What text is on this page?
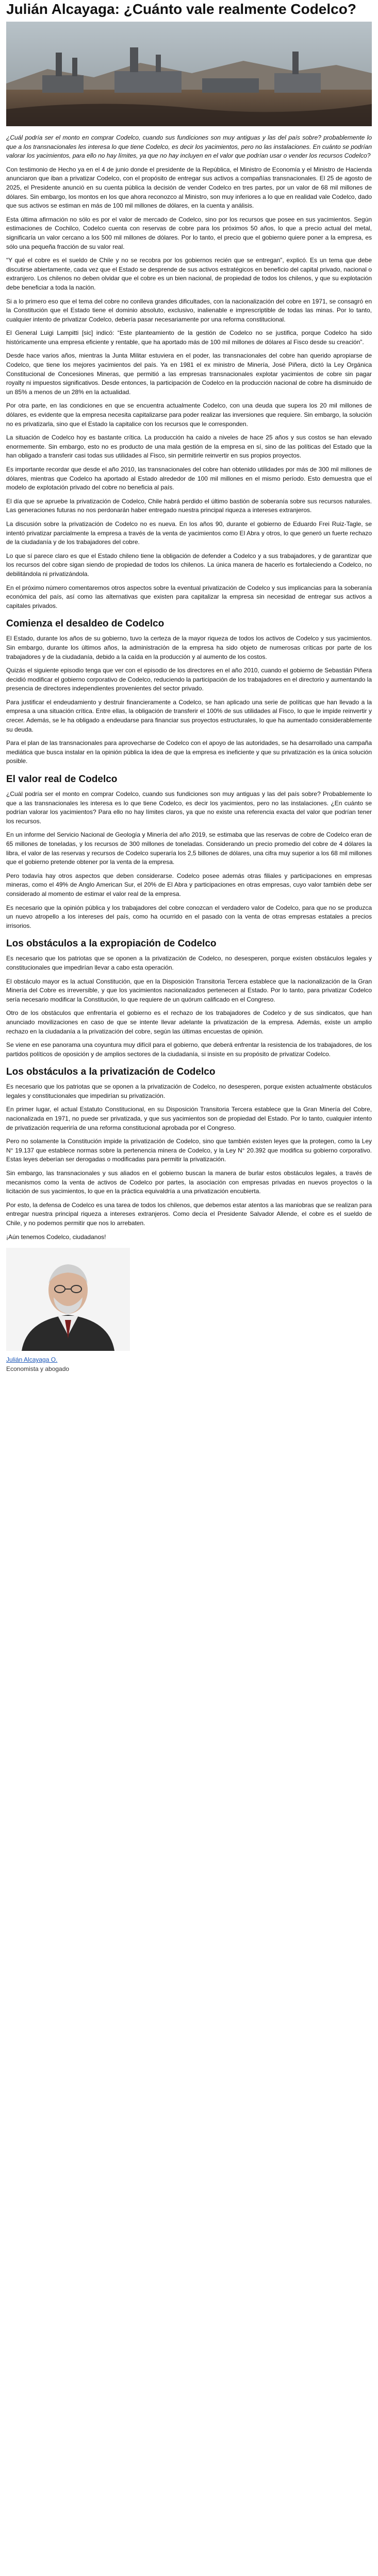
Julián Alcayaga: ¿Cuánto vale realmente Codelco?

¿Cuál podría ser el monto en comprar Codelco, cuando sus fundiciones son muy antiguas y las del país sobre? probablemente lo que a los transnacionales les interesa lo que tiene Codelco, es decir los yacimientos, pero no las instalaciones. En cuánto se podrían valorar los yacimientos, para ello no hay límites, ya que no hay incluyen en el valor que podrían usar o vender los recursos Codelco?

Con testimonio de Hecho ya en el 4 de junio donde el presidente de la República, el Ministro de Economía y el Ministro de Hacienda anunciaron que iban a privatizar Codelco, con el propósito de entregar sus activos a compañías transnacionales. El 25 de agosto de 2025, el Presidente anunció en su cuenta pública la decisión de vender Codelco en tres partes, por un valor de 68 mil millones de dólares. Sin embargo, los montos en los que ahora reconozco al Ministro, son muy inferiores a lo que en realidad vale Codelco, dado que sus activos se estiman en más de 100 mil millones de dólares, en la cuenta y análisis.

Esta última afirmación no sólo es por el valor de mercado de Codelco, sino por los recursos que posee en sus yacimientos. Según estimaciones de Cochilco, Codelco cuenta con reservas de cobre para los próximos 50 años, lo que a precio actual del metal, significaría un valor cercano a los 500 mil millones de dólares. Por lo tanto, el precio que el gobierno quiere poner a la empresa, es sólo una pequeña fracción de su valor real.

“Y qué el cobre es el sueldo de Chile y no se recobra por los gobiernos recién que se entregan”, explicó. Es un tema que debe discutirse abiertamente, cada vez que el Estado se desprende de sus activos estratégicos en beneficio del capital privado, nacional o extranjero. Los chilenos no deben olvidar que el cobre es un bien nacional, de propiedad de todos los chilenos, y que su explotación debe beneficiar a toda la nación.

Si a lo primero eso que el tema del cobre no conlleva grandes dificultades, con la nacionalización del cobre en 1971, se consagró en la Constitución que el Estado tiene el dominio absoluto, exclusivo, inalienable e imprescriptible de todas las minas. Por lo tanto, cualquier intento de privatizar Codelco, debería pasar necesariamente por una reforma constitucional.

El General Luigi Lampitti [sic] indicó: “Este planteamiento de la gestión de Codelco no se justifica, porque Codelco ha sido históricamente una empresa eficiente y rentable, que ha aportado más de 100 mil millones de dólares al Fisco desde su creación”.

Desde hace varios años, mientras la Junta Militar estuviera en el poder, las transnacionales del cobre han querido apropiarse de Codelco, que tiene los mejores yacimientos del país. Ya en 1981 el ex ministro de Minería, José Piñera, dictó la Ley Orgánica Constitucional de Concesiones Mineras, que permitió a las empresas transnacionales explotar yacimientos de cobre sin pagar royalty ni impuestos significativos. Desde entonces, la participación de Codelco en la producción nacional de cobre ha disminuido de un 85% a menos de un 28% en la actualidad.

Por otra parte, en las condiciones en que se encuentra actualmente Codelco, con una deuda que supera los 20 mil millones de dólares, es evidente que la empresa necesita capitalizarse para poder realizar las inversiones que requiere. Sin embargo, la solución no es privatizarla, sino que el Estado la capitalice con los recursos que le corresponden.

La situación de Codelco hoy es bastante crítica. La producción ha caído a niveles de hace 25 años y sus costos se han elevado enormemente. Sin embargo, esto no es producto de una mala gestión de la empresa en sí, sino de las políticas del Estado que la han obligado a transferir casi todas sus utilidades al Fisco, sin permitirle reinvertir en sus propios proyectos.

Es importante recordar que desde el año 2010, las transnacionales del cobre han obtenido utilidades por más de 300 mil millones de dólares, mientras que Codelco ha aportado al Estado alrededor de 100 mil millones en el mismo período. Esto demuestra que el modelo de explotación privado del cobre no beneficia al país.

El día que se apruebe la privatización de Codelco, Chile habrá perdido el último bastión de soberanía sobre sus recursos naturales. Las generaciones futuras no nos perdonarán haber entregado nuestra principal riqueza a intereses extranjeros.

La discusión sobre la privatización de Codelco no es nueva. En los años 90, durante el gobierno de Eduardo Frei Ruiz-Tagle, se intentó privatizar parcialmente la empresa a través de la venta de yacimientos como El Abra y otros, lo que generó un fuerte rechazo de la ciudadanía y de los trabajadores del cobre.

Lo que sí parece claro es que el Estado chileno tiene la obligación de defender a Codelco y a sus trabajadores, y de garantizar que los recursos del cobre sigan siendo de propiedad de todos los chilenos. La única manera de hacerlo es fortaleciendo a Codelco, no debilitándola ni privatizándola.

En el próximo número comentaremos otros aspectos sobre la eventual privatización de Codelco y sus implicancias para la soberanía económica del país, así como las alternativas que existen para capitalizar la empresa sin necesidad de entregar sus activos a capitales privados.

Comienza el desaldeo de Codelco

El Estado, durante los años de su gobierno, tuvo la certeza de la mayor riqueza de todos los activos de Codelco y sus yacimientos. Sin embargo, durante los últimos años, la administración de la empresa ha sido objeto de numerosas críticas por parte de los trabajadores y de la ciudadanía, debido a la caída en la producción y al aumento de los costos.

Quizás el siguiente episodio tenga que ver con el episodio de los directores en el año 2010, cuando el gobierno de Sebastián Piñera decidió modificar el gobierno corporativo de Codelco, reduciendo la participación de los trabajadores en el directorio y aumentando la presencia de directores independientes provenientes del sector privado.

Para justificar el endeudamiento y destruir financieramente a Codelco, se han aplicado una serie de políticas que han llevado a la empresa a una situación crítica. Entre ellas, la obligación de transferir el 100% de sus utilidades al Fisco, lo que le impide reinvertir y crecer. Además, se le ha obligado a endeudarse para financiar sus proyectos estructurales, lo que ha aumentado considerablemente su deuda.

Para el plan de las transnacionales para aprovecharse de Codelco con el apoyo de las autoridades, se ha desarrollado una campaña mediática que busca instalar en la opinión pública la idea de que la empresa es ineficiente y que su privatización es la única solución posible.

El valor real de Codelco

¿Cuál podría ser el monto en comprar Codelco, cuando sus fundiciones son muy antiguas y las del país sobre? Probablemente lo que a las transnacionales les interesa es lo que tiene Codelco, es decir los yacimientos, pero no las instalaciones. ¿En cuánto se podrían valorar los yacimientos? Para ello no hay límites claros, ya que no existe una referencia exacta del valor que podrían tener los recursos.

En un informe del Servicio Nacional de Geología y Minería del año 2019, se estimaba que las reservas de cobre de Codelco eran de 65 millones de toneladas, y los recursos de 300 millones de toneladas. Considerando un precio promedio del cobre de 4 dólares la libra, el valor de las reservas y recursos de Codelco superaría los 2,5 billones de dólares, una cifra muy superior a los 68 mil millones que el gobierno pretende obtener por la venta de la empresa.

Pero todavía hay otros aspectos que deben considerarse. Codelco posee además otras filiales y participaciones en empresas mineras, como el 49% de Anglo American Sur, el 20% de El Abra y participaciones en otras empresas, cuyo valor también debe ser considerado al momento de estimar el valor real de la empresa.

Es necesario que la opinión pública y los trabajadores del cobre conozcan el verdadero valor de Codelco, para que no se produzca un nuevo atropello a los intereses del país, como ha ocurrido en el pasado con la venta de otras empresas estatales a precios irrisorios.

Los obstáculos a la expropiación de Codelco

Es necesario que los patriotas que se oponen a la privatización de Codelco, no desesperen, porque existen obstáculos legales y constitucionales que impedirían llevar a cabo esta operación.

El obstáculo mayor es la actual Constitución, que en la Disposición Transitoria Tercera establece que la nacionalización de la Gran Minería del Cobre es irreversible, y que los yacimientos nacionalizados pertenecen al Estado. Por lo tanto, para privatizar Codelco sería necesario modificar la Constitución, lo que requiere de un quórum calificado en el Congreso.

Otro de los obstáculos que enfrentaría el gobierno es el rechazo de los trabajadores de Codelco y de sus sindicatos, que han anunciado movilizaciones en caso de que se intente llevar adelante la privatización de la empresa. Además, existe un amplio rechazo en la ciudadanía a la privatización del cobre, según las últimas encuestas de opinión.

Se viene en ese panorama una coyuntura muy difícil para el gobierno, que deberá enfrentar la resistencia de los trabajadores, de los partidos políticos de oposición y de amplios sectores de la ciudadanía, si insiste en su propósito de privatizar Codelco.

Los obstáculos a la privatización de Codelco

Es necesario que los patriotas que se oponen a la privatización de Codelco, no desesperen, porque existen actualmente obstáculos legales y constitucionales que impedirían su privatización.

En primer lugar, el actual Estatuto Constitucional, en su Disposición Transitoria Tercera establece que la Gran Minería del Cobre, nacionalizada en 1971, no puede ser privatizada, y que sus yacimientos son de propiedad del Estado. Por lo tanto, cualquier intento de privatización requeriría de una reforma constitucional aprobada por el Congreso.

Pero no solamente la Constitución impide la privatización de Codelco, sino que también existen leyes que la protegen, como la Ley N° 19.137 que establece normas sobre la pertenencia minera de Codelco, y la Ley N° 20.392 que modifica su gobierno corporativo. Estas leyes deberían ser derogadas o modificadas para permitir la privatización.

Sin embargo, las transnacionales y sus aliados en el gobierno buscan la manera de burlar estos obstáculos legales, a través de mecanismos como la venta de activos de Codelco por partes, la asociación con empresas privadas en nuevos proyectos o la licitación de sus yacimientos, lo que en la práctica equivaldría a una privatización encubierta.

Por esto, la defensa de Codelco es una tarea de todos los chilenos, que debemos estar atentos a las maniobras que se realizan para entregar nuestra principal riqueza a intereses extranjeros. Como decía el Presidente Salvador Allende, el cobre es el sueldo de Chile, y no podemos permitir que nos lo arrebaten.

¡Aún tenemos Codelco, ciudadanos!

Julián Alcayaga O.
Economista y abogado
